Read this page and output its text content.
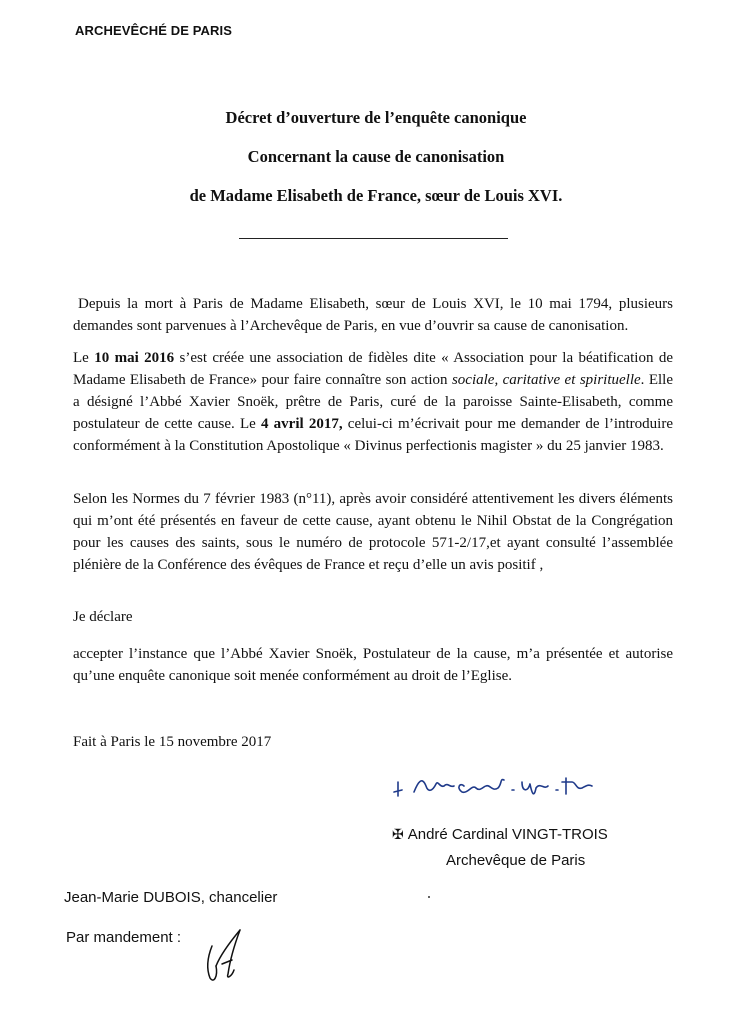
ARCHEVÊCHÉ DE PARIS
Décret d’ouverture de l’enquête canonique
Concernant la cause de canonisation
de Madame Elisabeth de France, sœur de Louis XVI.
Depuis la mort à Paris de Madame Elisabeth, sœur de Louis XVI, le 10 mai 1794, plusieurs demandes sont parvenues à l’Archevêque de Paris, en vue d’ouvrir sa cause de canonisation.
Le 10 mai 2016 s’est créée une association de fidèles dite « Association pour la béatification de Madame Elisabeth de France» pour faire connaître son action sociale, caritative et spirituelle. Elle a désigné l’Abbé Xavier Snoëk, prêtre de Paris, curé de la paroisse Sainte-Elisabeth, comme postulateur de cette cause. Le 4 avril 2017, celui-ci m’écrivait pour me demander de l’introduire conformément à la Constitution Apostolique « Divinus perfectionis magister » du 25 janvier 1983.
Selon les Normes du 7 février 1983 (n°11), après avoir considéré attentivement les divers éléments qui m’ont été présentés en faveur de cette cause, ayant obtenu le Nihil Obstat de la Congrégation pour les causes des saints, sous le numéro de protocole 571-2/17,et ayant consulté l’assemblée plénière de la Conférence des évêques de France et reçu d’elle un avis positif ,
Je déclare
accepter l’instance que l’Abbé Xavier Snoëk, Postulateur de la cause, m’a présentée et autorise qu’une enquête canonique soit menée conformément au droit de l’Eglise.
Fait à Paris le 15 novembre 2017
✠ André Cardinal VINGT-TROIS
Archevêque de Paris
Jean-Marie DUBOIS, chancelier
Par mandement :
